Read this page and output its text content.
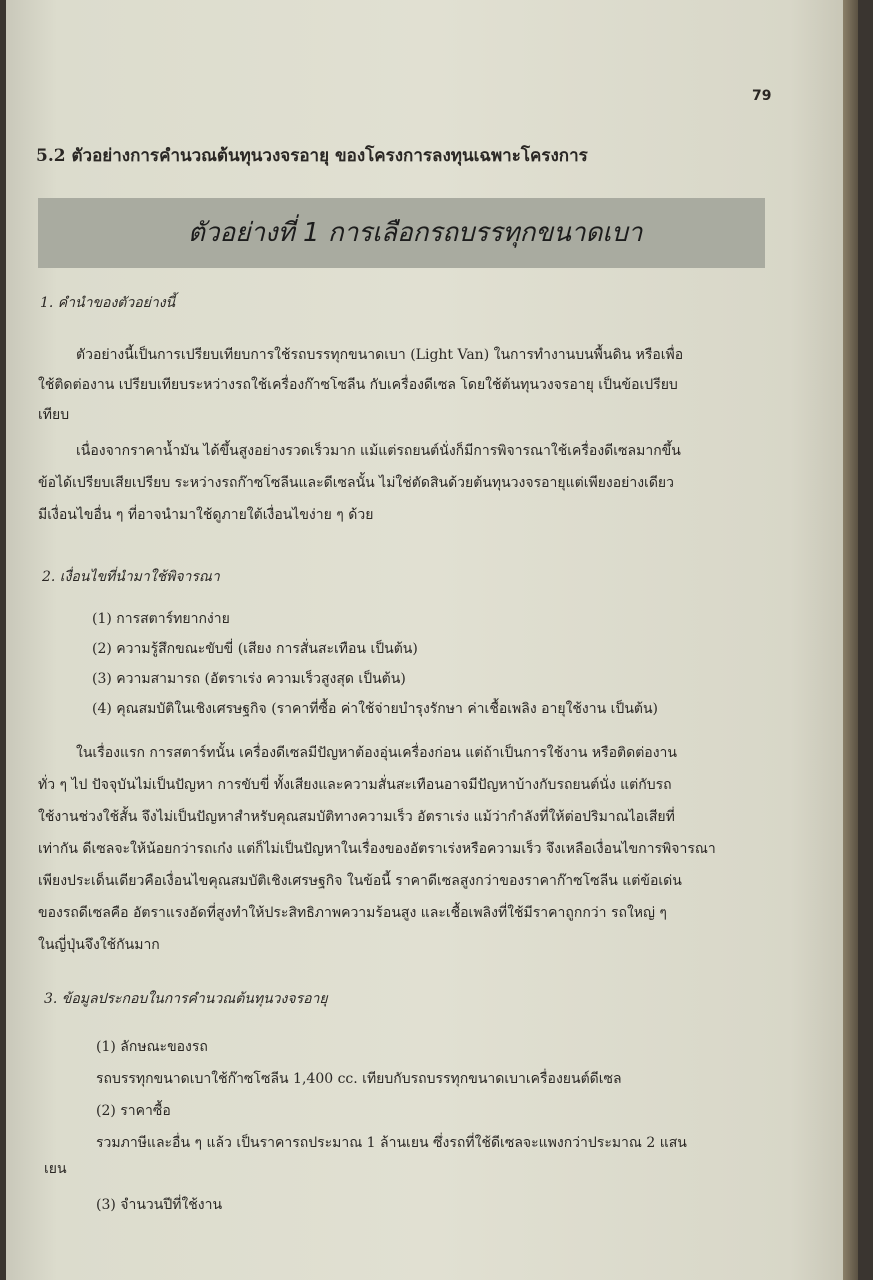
79
5.2 ตัวอย่างการคำนวณต้นทุนวงจรอายุ ของโครงการลงทุนเฉพาะโครงการ
ตัวอย่างที่ 1 การเลือกรถบรรทุกขนาดเบา
1. คำนำของตัวอย่างนี้
ตัวอย่างนี้เป็นการเปรียบเทียบการใช้รถบรรทุกขนาดเบา (Light Van) ในการทำงานบนพื้นดิน หรือเพื่อ
ใช้ติดต่องาน เปรียบเทียบระหว่างรถใช้เครื่องก๊าซโซลีน กับเครื่องดีเซล โดยใช้ต้นทุนวงจรอายุ เป็นข้อเปรียบ
เทียบ
เนื่องจากราคาน้ำมัน ได้ขึ้นสูงอย่างรวดเร็วมาก แม้แต่รถยนต์นั่งก็มีการพิจารณาใช้เครื่องดีเซลมากขึ้น
ข้อได้เปรียบเสียเปรียบ ระหว่างรถก๊าซโซลีนและดีเซลนั้น ไม่ใช่ตัดสินด้วยต้นทุนวงจรอายุแต่เพียงอย่างเดียว
มีเงื่อนไขอื่น ๆ ที่อาจนำมาใช้ดูภายใต้เงื่อนไขง่าย ๆ ด้วย
2. เงื่อนไขที่นำมาใช้พิจารณา
(1) การสตาร์ทยากง่าย
(2) ความรู้สึกขณะขับขี่ (เสียง การสั่นสะเทือน เป็นต้น)
(3) ความสามารถ (อัตราเร่ง ความเร็วสูงสุด เป็นต้น)
(4) คุณสมบัติในเชิงเศรษฐกิจ (ราคาที่ซื้อ ค่าใช้จ่ายบำรุงรักษา ค่าเชื้อเพลิง อายุใช้งาน เป็นต้น)
ในเรื่องแรก การสตาร์ทนั้น เครื่องดีเซลมีปัญหาต้องอุ่นเครื่องก่อน แต่ถ้าเป็นการใช้งาน หรือติดต่องาน
ทั่ว ๆ ไป ปัจจุบันไม่เป็นปัญหา การขับขี่ ทั้งเสียงและความสั่นสะเทือนอาจมีปัญหาบ้างกับรถยนต์นั่ง แต่กับรถ
ใช้งานช่วงใช้สั้น จึงไม่เป็นปัญหาสำหรับคุณสมบัติทางความเร็ว อัตราเร่ง แม้ว่ากำลังที่ให้ต่อปริมาณไอเสียที่
เท่ากัน ดีเซลจะให้น้อยกว่ารถเก๋ง แต่ก็ไม่เป็นปัญหาในเรื่องของอัตราเร่งหรือความเร็ว จึงเหลือเงื่อนไขการพิจารณา
เพียงประเด็นเดียวคือเงื่อนไขคุณสมบัติเชิงเศรษฐกิจ ในข้อนี้ ราคาดีเซลสูงกว่าของราคาก๊าซโซลีน แต่ข้อเด่น
ของรถดีเซลคือ อัตราแรงอัดที่สูงทำให้ประสิทธิภาพความร้อนสูง และเชื้อเพลิงที่ใช้มีราคาถูกกว่า รถใหญ่ ๆ
ในญี่ปุ่นจึงใช้กันมาก
3. ข้อมูลประกอบในการคำนวณต้นทุนวงจรอายุ
(1) ลักษณะของรถ
รถบรรทุกขนาดเบาใช้ก๊าซโซลีน 1,400 cc. เทียบกับรถบรรทุกขนาดเบาเครื่องยนต์ดีเซล
(2) ราคาซื้อ
รวมภาษีและอื่น ๆ แล้ว เป็นราคารถประมาณ 1 ล้านเยน ซึ่งรถที่ใช้ดีเซลจะแพงกว่าประมาณ 2 แสน
เยน
(3) จำนวนปีที่ใช้งาน
